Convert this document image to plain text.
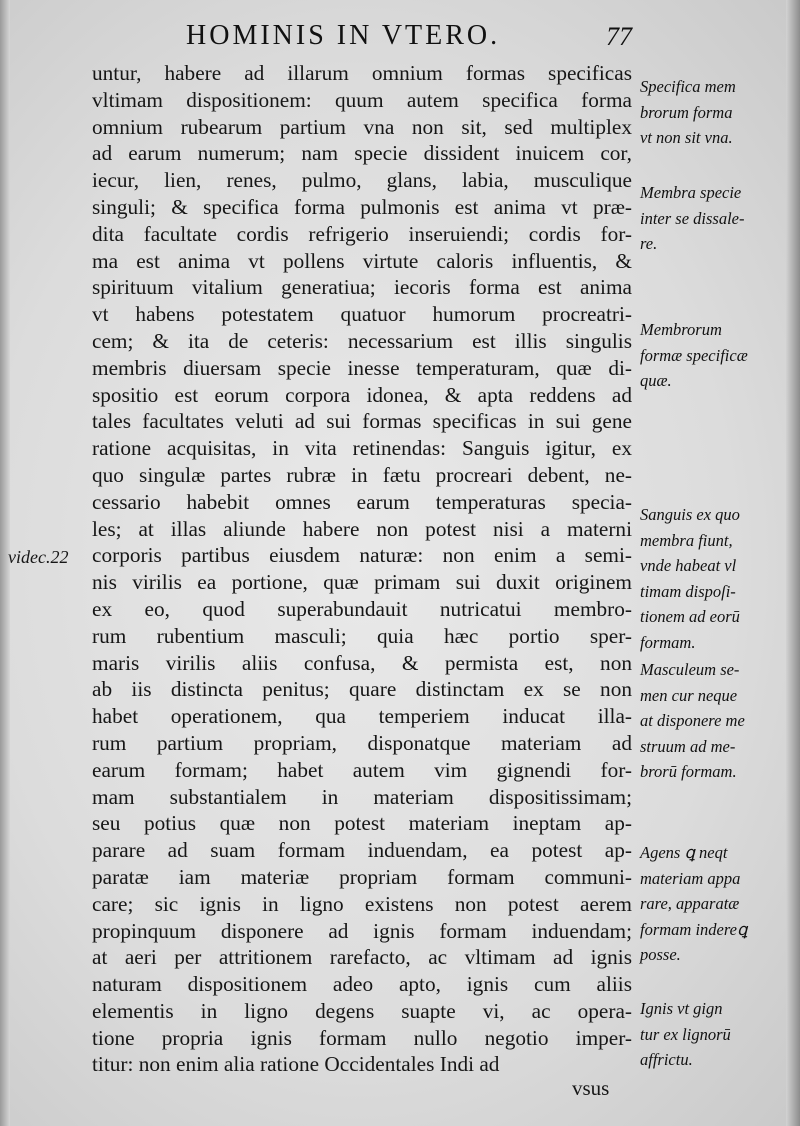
HOMINIS IN VTERO.	77
videc.22
untur, habere ad illarum omnium formas specificas
vltimam dispositionem: quum autem specifica forma
omnium rubearum partium vna non sit, sed multiplex
ad earum numerum; nam specie dissident inuicem cor,
iecur, lien, renes, pulmo, glans, labia, musculique
singuli; & specifica forma pulmonis est anima vt præ-
dita facultate cordis refrigerio inseruiendi; cordis for-
ma est anima vt pollens virtute caloris influentis, &
spirituum vitalium generatiua; iecoris forma est anima
vt habens potestatem quatuor humorum procreatri-
cem; & ita de ceteris: necessarium est illis singulis
membris diuersam specie inesse temperaturam, quæ di-
spositio est eorum corpora idonea, & apta reddens ad
tales facultates veluti ad sui formas specificas in sui gene
ratione acquisitas, in vita retinendas: Sanguis igitur, ex
quo singulæ partes rubræ in fætu procreari debent, ne-
cessario habebit omnes earum temperaturas specia-
les; at illas aliunde habere non potest nisi a materni
corporis partibus eiusdem naturæ: non enim a semi-
nis virilis ea portione, quæ primam sui duxit originem
ex eo, quod superabundauit nutricatui membro-
rum rubentium masculi; quia hæc portio sper-
maris virilis aliis confusa, & permista est, non
ab iis distincta penitus; quare distinctam ex se non
habet operationem, qua temperiem inducat illa-
rum partium propriam, disponatque materiam ad
earum formam; habet autem vim gignendi for-
mam substantialem in materiam dispositissimam;
seu potius quæ non potest materiam ineptam ap-
parare ad suam formam induendam, ea potest ap-
paratæ iam materiæ propriam formam communi-
care; sic ignis in ligno existens non potest aerem
propinquum disponere ad ignis formam induendam;
at aeri per attritionem rarefacto, ac vltimam ad ignis
naturam dispositionem adeo apto, ignis cum aliis
elementis in ligno degens suapte vi, ac opera-
tione propria ignis formam nullo negotio imper-
titur: non enim alia ratione Occidentales Indi ad
Specifica mem
brorum forma
vt non sit vna.
Membra specie
inter se dissale-
re.
Membrorum
formæ specificæ
quæ.
Sanguis ex quo
membra fiunt,
vnde habeat vl
timam dispoſi-
tionem ad eorū
formam.
Masculeum se-
men cur neque
at disponere me
struum ad me-
brorū formam.
Agens ꝗ neqt
materiam appa
rare, apparatæ
formam indereꝗ
posse.
Ignis vt gign
tur ex lignorū
affrictu.
vsus
